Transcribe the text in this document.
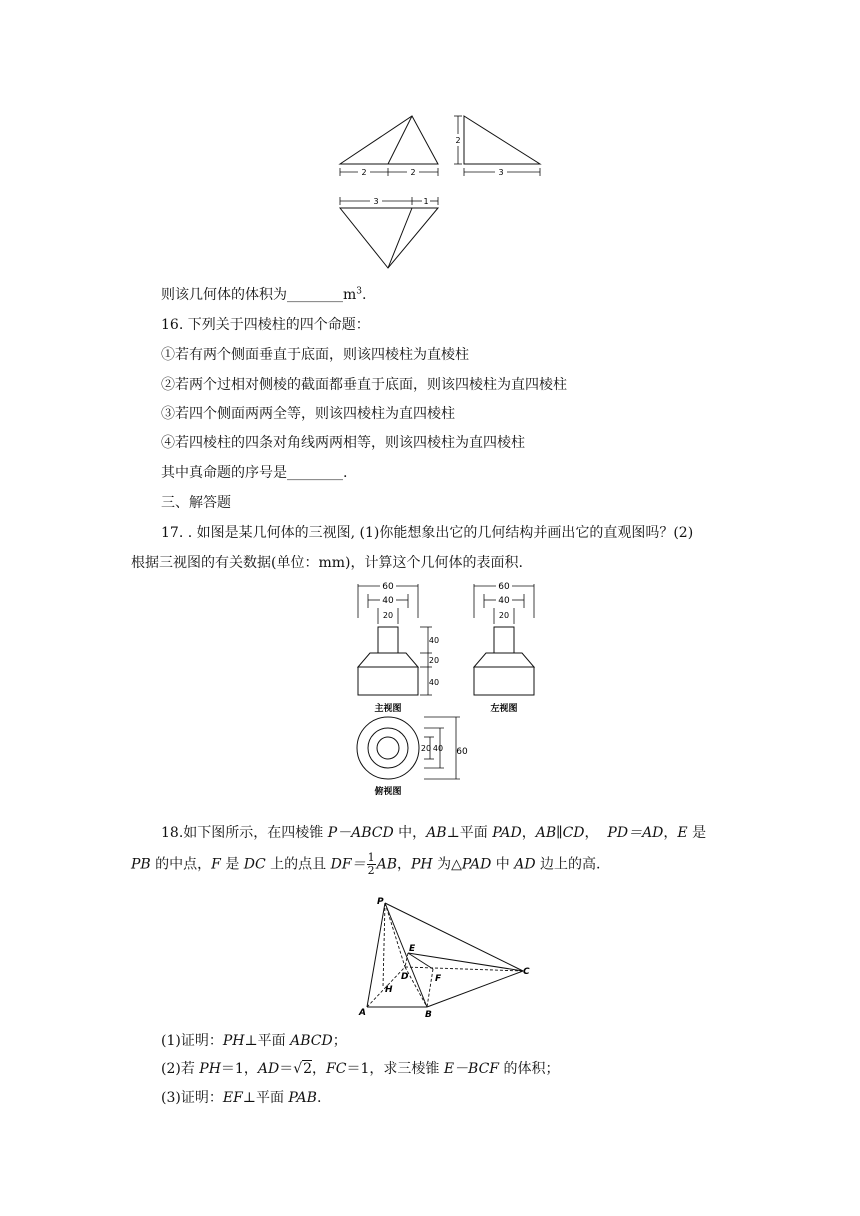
2	2
2
3
3	1
则该几何体的体积为$\_\_\_\_\_\_\_\_m^3$.
16. 下列关于四棱柱的四个命题：
①若有两个侧面垂直于底面，则该四棱柱为直棱柱
②若两个过相对侧棱的截面都垂直于底面，则该四棱柱为直四棱柱
③若四个侧面两两全等，则该四棱柱为直四棱柱
④若四棱柱的四条对角线两两相等，则该四棱柱为直四棱柱
其中真命题的序号是________.
三、解答题
17. . 如图是某几何体的三视图, (1)你能想象出它的几何结构并画出它的直观图吗？(2)
根据三视图的有关数据(单位：mm)，计算这个几何体的表面积.
60
40
20
40
20
40
60
40
20
20 40 60
主视图	左视图
俯视图
18.如下图所示，在四棱锥 P－ABCD 中，AB⊥平面 PAD，AB∥CD，  PD＝AD，E 是
PB 的中点，F 是 DC 上的点且 $DF= \frac{1}{2}$ AB，PH 为△PAD 中 AD 边上的高.
P
E
D	F
C
H
A	B
(1)证明：PH⊥平面 ABCD；
(2)若 PH＝1，AD＝√2，FC＝1，求三棱锥 E－BCF 的体积；
(3)证明：EF⊥平面 PAB.
